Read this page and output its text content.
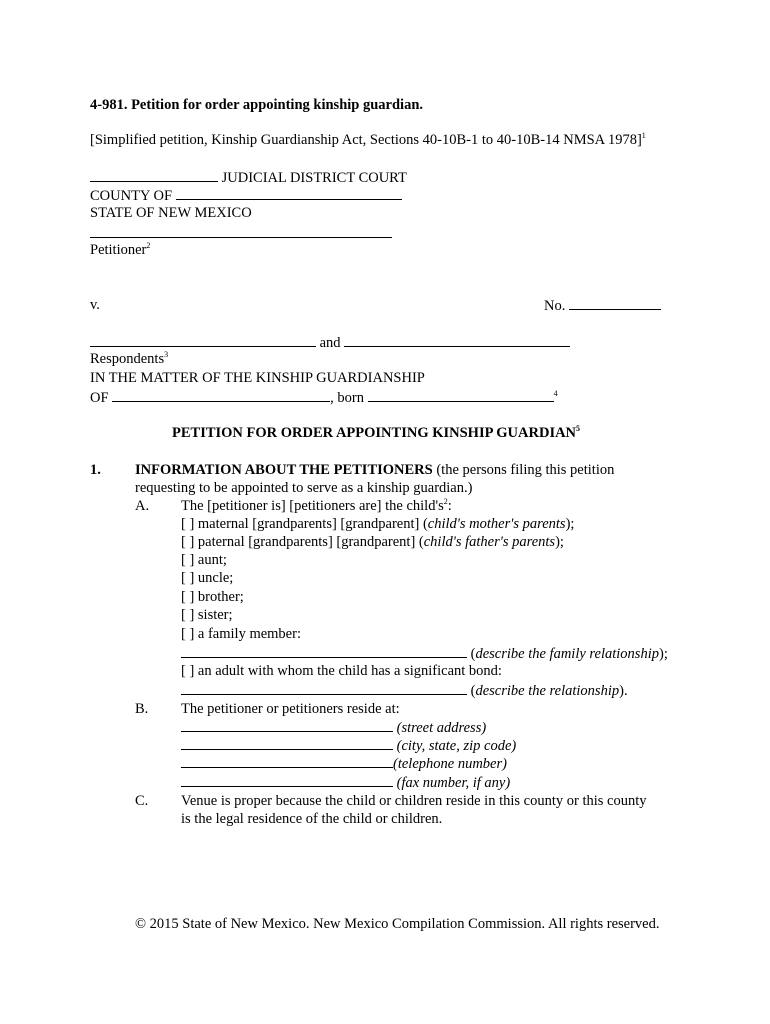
4-981. Petition for order appointing kinship guardian.
[Simplified petition, Kinship Guardianship Act, Sections 40-10B-1 to 40-10B-14 NMSA 1978]$^1$
JUDICIAL DISTRICT COURT
COUNTY OF
STATE OF NEW MEXICO
Petitioner$^2$
v.	No.
and
Respondents$^3$
IN THE MATTER OF THE KINSHIP GUARDIANSHIP
OF	, born	$^4$
PETITION FOR ORDER APPOINTING KINSHIP GUARDIAN$^5$
1. INFORMATION ABOUT THE PETITIONERS (the persons filing this petition
requesting to be appointed to serve as a kinship guardian.)
A. The [petitioner is] [petitioners are] the $child's^2$:
[ ] maternal [grandparents] [grandparent] (child's mother's parents);
[ ] paternal [grandparents] [grandparent] (child's father's parents);
[ ] aunt;
[ ] uncle;
[ ] brother;
[ ] sister;
[ ] a family member:
(describe the family relationship);
[ ] an adult with whom the child has a significant bond:
(describe the relationship).
B. The petitioner or petitioners reside at:
(street address)
(city, state, zip code)
(telephone number)
(fax number, if any)
C. Venue is proper because the child or children reside in this county or this county
is the legal residence of the child or children.
© 2015 State of New Mexico. New Mexico Compilation Commission. All rights reserved.
